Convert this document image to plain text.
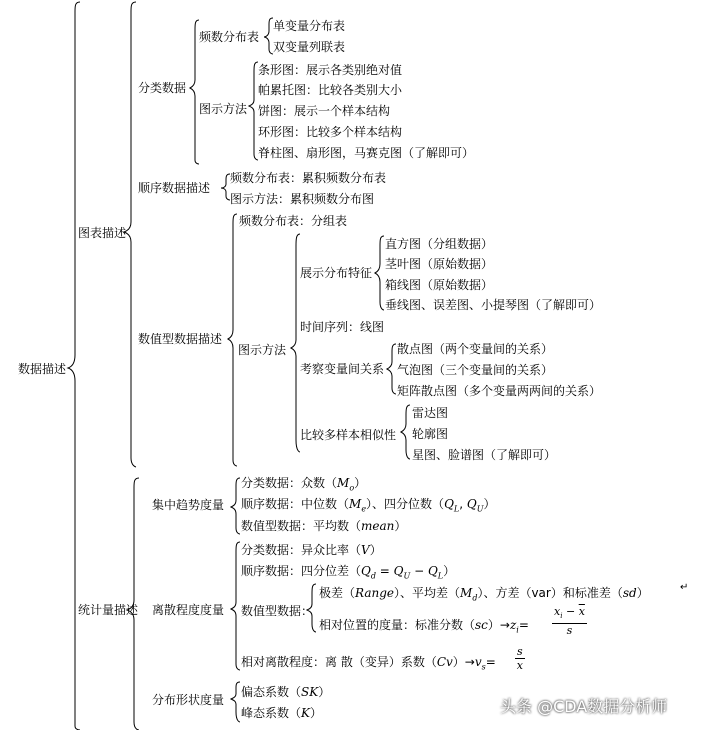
数据描述
图表描述
统计量描述
分类数据
频数分布表
单变量分布表
双变量列联表
图示方法
条形图：展示各类别绝对值
帕累托图：比较各类别大小
饼图：展示一个样本结构
环形图：比较多个样本结构
脊柱图、扇形图，马赛克图（了解即可）
顺序数据描述
频数分布表：累积频数分布表
图示方法：累积频数分布图
数值型数据描述
频数分布表：分组表
图示方法
展示分布特征
直方图（分组数据）
茎叶图（原始数据）
箱线图（原始数据）
垂线图、误差图、小提琴图（了解即可）
时间序列：线图
考察变量间关系
散点图（两个变量间的关系）
气泡图（三个变量间的关系）
矩阵散点图（多个变量两两间的关系）
比较多样本相似性
雷达图
轮廓图
星图、脸谱图（了解即可）
集中趋势度量
分类数据：众数$(M_o)$
顺序数据：中位数$(M_e)$、四分位数（$Q_L$, $Q_U$）
数值型数据：平均数（mean）
离散程度度量
分类数据：异众比率（V）
顺序数据：四分位差$(Q_d = Q_U - Q_L)$
数值型数据：
极差（Range）、平均差$(M_d)$、方差（var）和标准差（sd）	↵
相对位置的度量：标准分数$(sc)\to z_i=$
$x_i - \overline{x}$
s
相对离散程度：离 散（变异）系数$(Cv)\to v_s=$
s
x
分布形状度量
偏态系数（SK）
峰态系数（K）	头条 @CDA数据分析师
